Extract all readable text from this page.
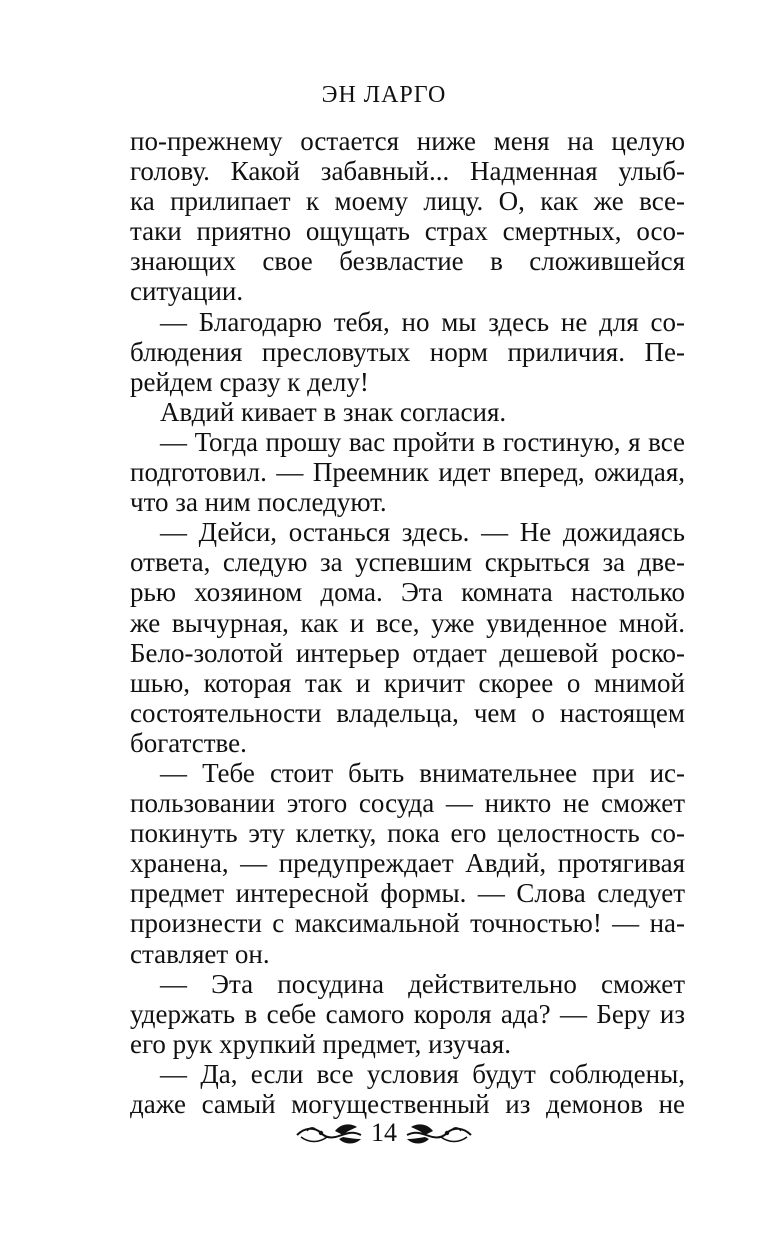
ЭН ЛАРГО

по-прежнему остается ниже меня на целую

голову. Какой забавный... Надменная улыб-

ка прилипает к моему лицу. О, как же все-

таки приятно ощущать страх смертных, осо-

знающих свое безвластие в сложившейся

ситуации.

— Благодарю тебя, но мы здесь не для со-

блюдения пресловутых норм приличия. Пе-

рейдем сразу к делу!

Авдий кивает в знак согласия.

— Тогда прошу вас пройти в гостиную, я все

подготовил. — Преемник идет вперед, ожидая,

что за ним последуют.

— Дейси, останься здесь. — Не дожидаясь

ответа, следую за успевшим скрыться за две-

рью хозяином дома. Эта комната настолько

же вычурная, как и все, уже увиденное мной.

Бело-золотой интерьер отдает дешевой роско-

шью, которая так и кричит скорее о мнимой

состоятельности владельца, чем о настоящем

богатстве.

— Тебе стоит быть внимательнее при ис-

пользовании этого сосуда — никто не сможет

покинуть эту клетку, пока его целостность со-

хранена, — предупреждает Авдий, протягивая

предмет интересной формы. — Слова следует

произнести с максимальной точностью! — на-

ставляет он.

— Эта посудина действительно сможет

удержать в себе самого короля ада? — Беру из

его рук хрупкий предмет, изучая.

— Да, если все условия будут соблюдены,

даже самый могущественный из демонов не

14
